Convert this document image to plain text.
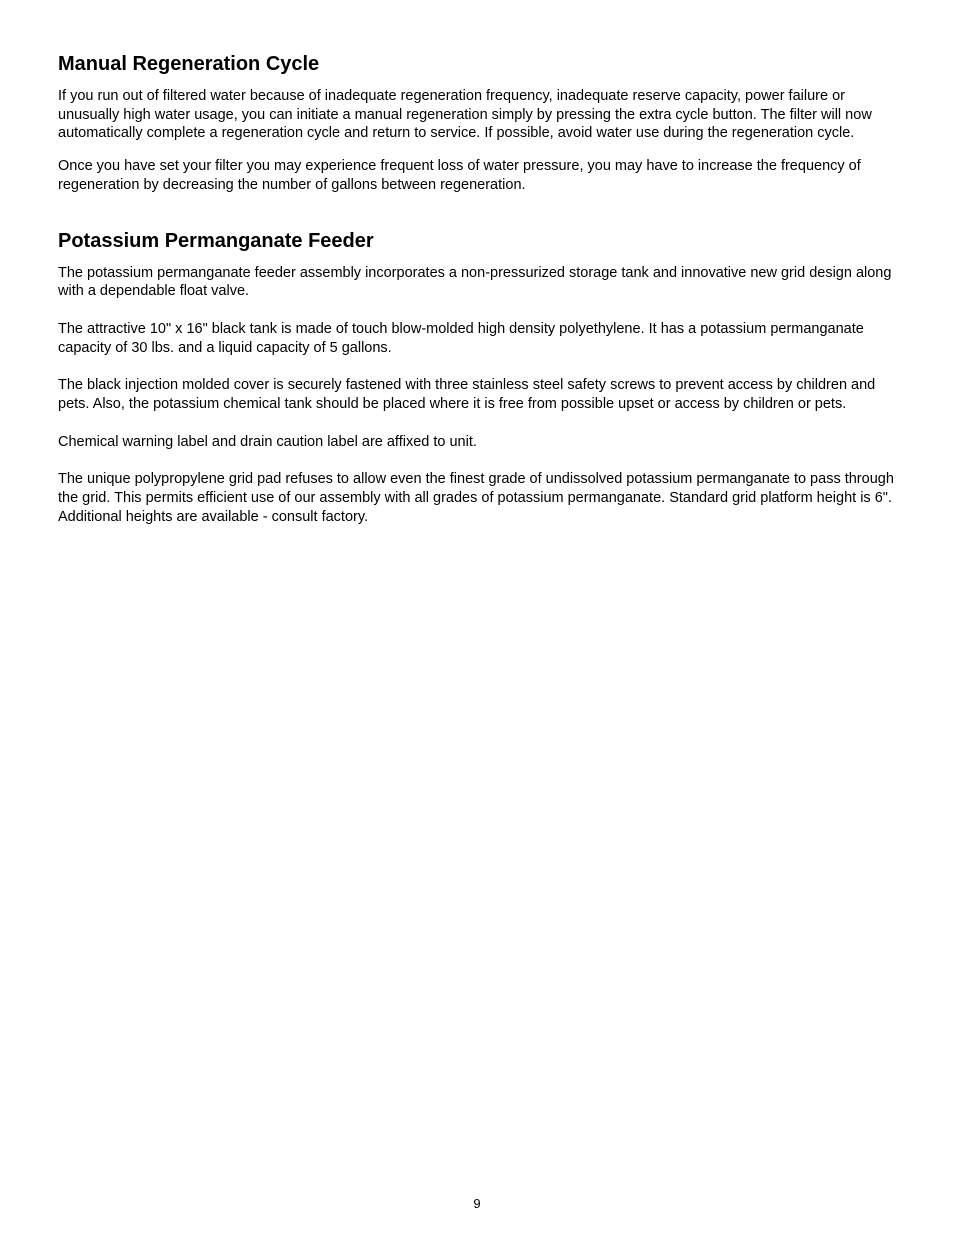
Manual Regeneration Cycle

If you run out of filtered water because of inadequate regeneration frequency, inadequate reserve capacity, power failure or unusually high water usage, you can initiate a manual regeneration simply by pressing the extra cycle button. The filter will now automatically complete a regeneration cycle and return to service. If possible, avoid water use during the regeneration cycle.

Once you have set your filter you may experience frequent loss of water pressure, you may have to increase the frequency of regeneration by decreasing the number of gallons between regeneration.

Potassium Permanganate Feeder

The potassium permanganate feeder assembly incorporates a non-pressurized storage tank and innovative new grid design along with a dependable float valve.

The attractive 10" x 16" black tank is made of touch blow-molded high density polyethylene. It has a potassium permanganate capacity of 30 lbs. and a liquid capacity of 5 gallons.

The black injection molded cover is securely fastened with three stainless steel safety screws to prevent access by children and pets. Also, the potassium chemical tank should be placed where it is free from possible upset or access by children or pets.

Chemical warning label and drain caution label are affixed to unit.

The unique polypropylene grid pad refuses to allow even the finest grade of undissolved potassium permanganate to pass through the grid. This permits efficient use of our assembly with all grades of potassium permanganate. Standard grid platform height is 6". Additional heights are available - consult factory.

9
